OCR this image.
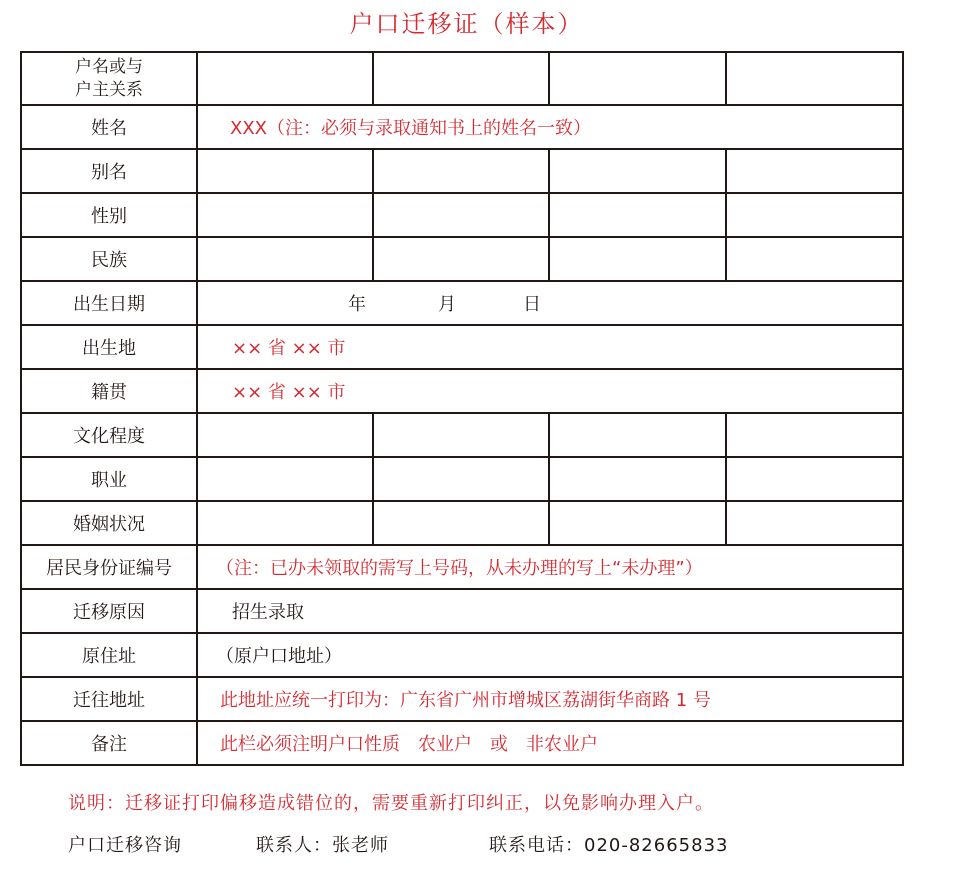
户口迁移证（样本）
户名或与
户主关系				
姓名	XXX（注：必须与录取通知书上的姓名一致）			
别名				
性别				
民族				
出生日期	年 月 日			
出生地	×× 省 ×× 市			
籍贯	×× 省 ×× 市			
文化程度				
职业				
婚姻状况				
居民身份证编号	（注：已办未领取的需写上号码，从未办理的写上“未办理”）			
迁移原因	招生录取			
原住址	（原户口地址）			
迁往地址	此地址应统一打印为：广东省广州市增城区荔湖街华商路 1 号			
备注	此栏必须注明户口性质　农业户　或　非农业户			
说明：迁移证打印偏移造成错位的，需要重新打印纠正，以免影响办理入户。
户口迁移咨询	联系人：张老师	联系电话：020-82665833
